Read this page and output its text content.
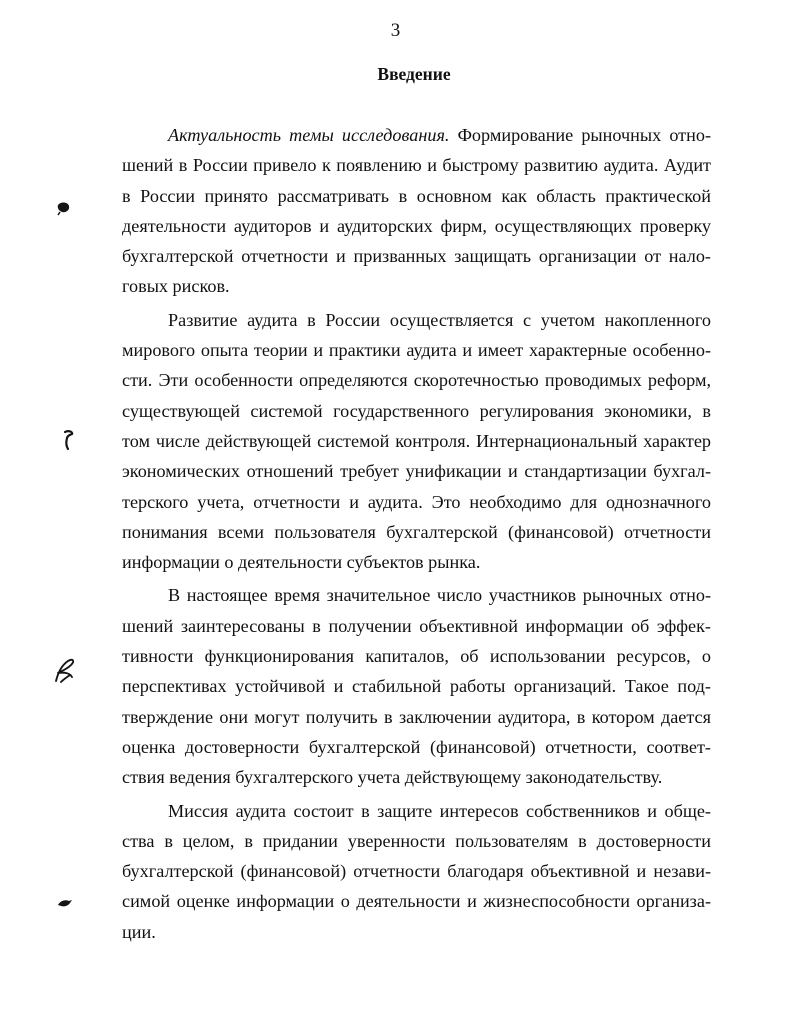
3
Введение
Актуальность темы исследования. Формирование рыночных отно-
шений в России привело к появлению и быстрому развитию аудита. Аудит
в России принято рассматривать в основном как область практической
деятельности аудиторов и аудиторских фирм, осуществляющих проверку
бухгалтерской отчетности и призванных защищать организации от нало-
говых рисков.
Развитие аудита в России осуществляется с учетом накопленного
мирового опыта теории и практики аудита и имеет характерные особенно-
сти. Эти особенности определяются скоротечностью проводимых реформ,
существующей системой государственного регулирования экономики, в
том числе действующей системой контроля. Интернациональный характер
экономических отношений требует унификации и стандартизации бухгал-
терского учета, отчетности и аудита. Это необходимо для однозначного
понимания всеми пользователя бухгалтерской (финансовой) отчетности
информации о деятельности субъектов рынка.
В настоящее время значительное число участников рыночных отно-
шений заинтересованы в получении объективной информации об эффек-
тивности функционирования капиталов, об использовании ресурсов, о
перспективах устойчивой и стабильной работы организаций. Такое под-
тверждение они могут получить в заключении аудитора, в котором дается
оценка достоверности бухгалтерской (финансовой) отчетности, соответ-
ствия ведения бухгалтерского учета действующему законодательству.
Миссия аудита состоит в защите интересов собственников и обще-
ства в целом, в придании уверенности пользователям в достоверности
бухгалтерской (финансовой) отчетности благодаря объективной и незави-
симой оценке информации о деятельности и жизнеспособности организа-
ции.
